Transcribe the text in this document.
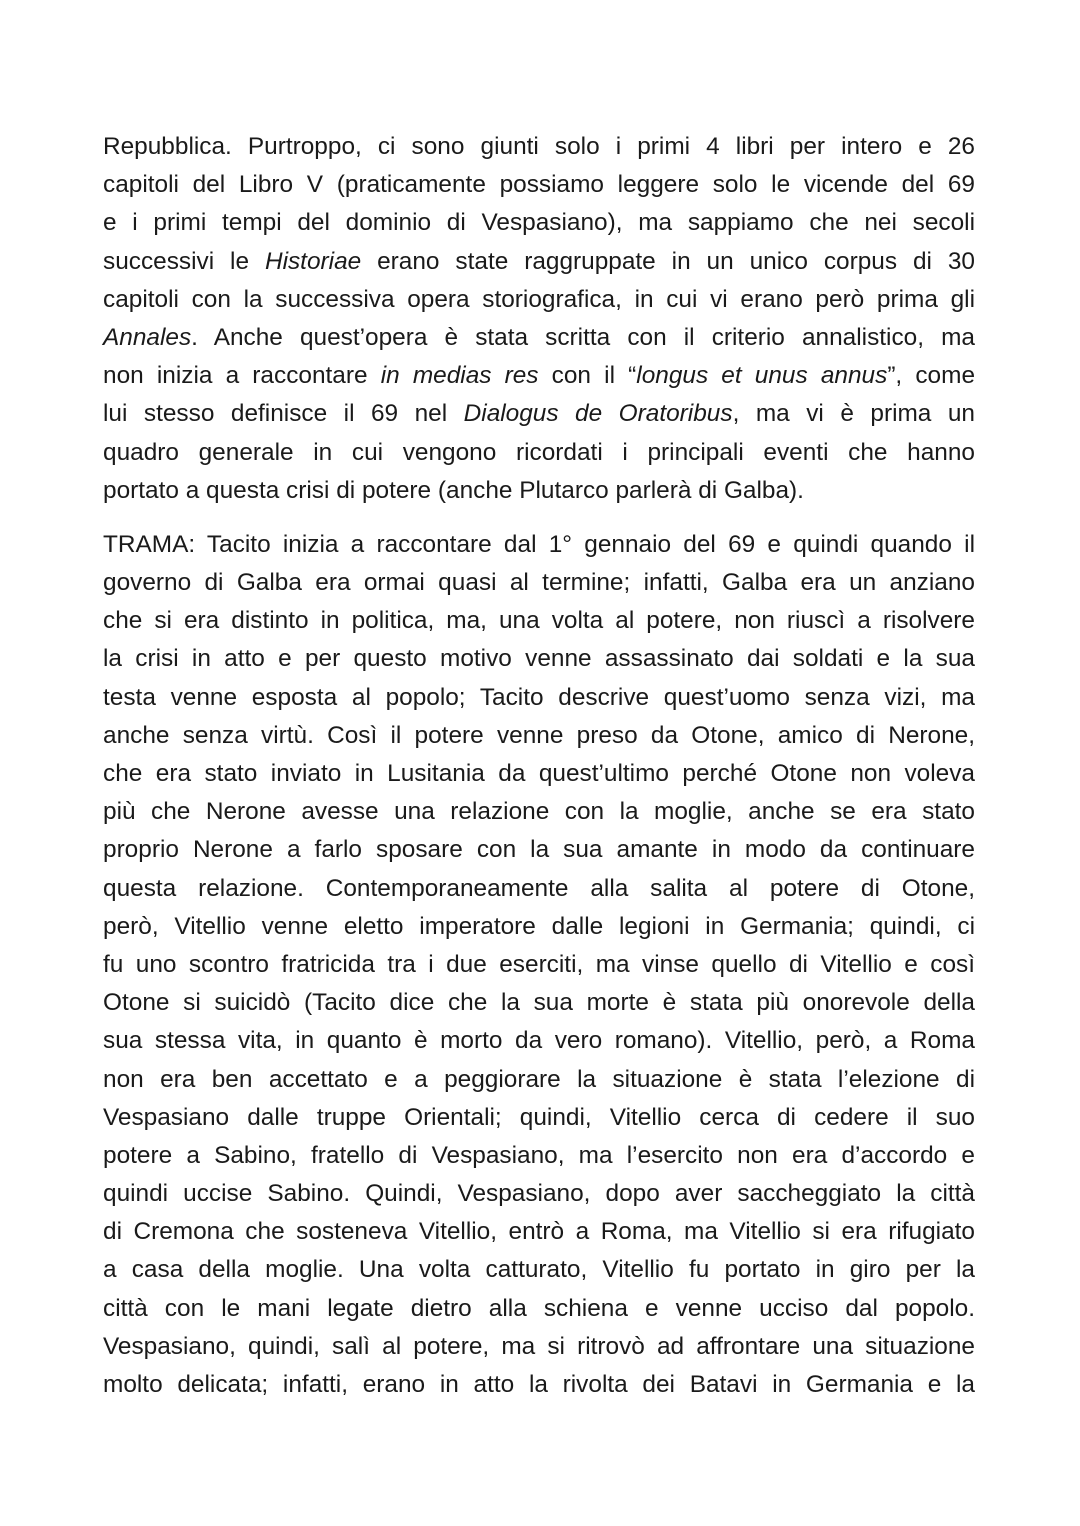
Repubblica. Purtroppo, ci sono giunti solo i primi 4 libri per intero e 26
capitoli del Libro V (praticamente possiamo leggere solo le vicende del 69
e i primi tempi del dominio di Vespasiano), ma sappiamo che nei secoli
successivi le Historiae erano state raggruppate in un unico corpus di 30
capitoli con la successiva opera storiografica, in cui vi erano però prima gli
Annales. Anche quest’opera è stata scritta con il criterio annalistico, ma
non inizia a raccontare in medias res con il “longus et unus annus”, come
lui stesso definisce il 69 nel Dialogus de Oratoribus, ma vi è prima un
quadro generale in cui vengono ricordati i principali eventi che hanno
portato a questa crisi di potere (anche Plutarco parlerà di Galba).
TRAMA: Tacito inizia a raccontare dal 1° gennaio del 69 e quindi quando il
governo di Galba era ormai quasi al termine; infatti, Galba era un anziano
che si era distinto in politica, ma, una volta al potere, non riuscì a risolvere
la crisi in atto e per questo motivo venne assassinato dai soldati e la sua
testa venne esposta al popolo; Tacito descrive quest’uomo senza vizi, ma
anche senza virtù. Così il potere venne preso da Otone, amico di Nerone,
che era stato inviato in Lusitania da quest’ultimo perché Otone non voleva
più che Nerone avesse una relazione con la moglie, anche se era stato
proprio Nerone a farlo sposare con la sua amante in modo da continuare
questa relazione. Contemporaneamente alla salita al potere di Otone,
però, Vitellio venne eletto imperatore dalle legioni in Germania; quindi, ci
fu uno scontro fratricida tra i due eserciti, ma vinse quello di Vitellio e così
Otone si suicidò (Tacito dice che la sua morte è stata più onorevole della
sua stessa vita, in quanto è morto da vero romano). Vitellio, però, a Roma
non era ben accettato e a peggiorare la situazione è stata l’elezione di
Vespasiano dalle truppe Orientali; quindi, Vitellio cerca di cedere il suo
potere a Sabino, fratello di Vespasiano, ma l’esercito non era d’accordo e
quindi uccise Sabino. Quindi, Vespasiano, dopo aver saccheggiato la città
di Cremona che sosteneva Vitellio, entrò a Roma, ma Vitellio si era rifugiato
a casa della moglie. Una volta catturato, Vitellio fu portato in giro per la
città con le mani legate dietro alla schiena e venne ucciso dal popolo.
Vespasiano, quindi, salì al potere, ma si ritrovò ad affrontare una situazione
molto delicata; infatti, erano in atto la rivolta dei Batavi in Germania e la
